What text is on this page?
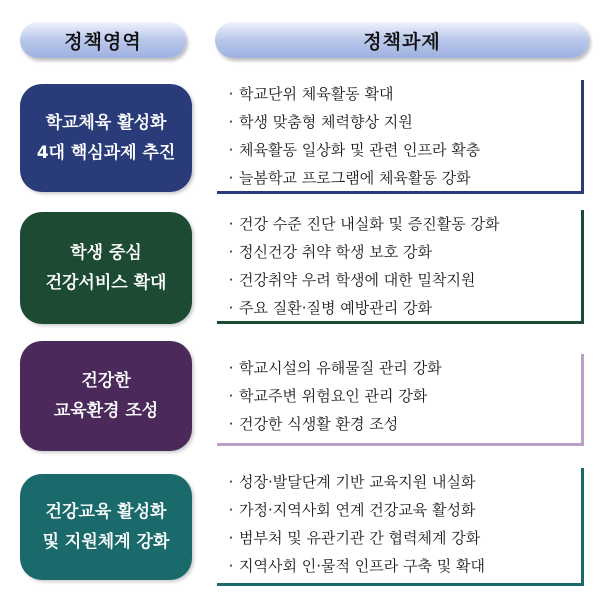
정책영역	정책과제
학교체육 활성화
4대 핵심과제 추진
· 학교단위 체육활동 확대
· 학생 맞춤형 체력향상 지원
· 체육활동 일상화 및 관련 인프라 확충
· 늘봄학교 프로그램에 체육활동 강화
학생 중심
건강서비스 확대
· 건강 수준 진단 내실화 및 증진활동 강화
· 정신건강 취약 학생 보호 강화
· 건강취약 우려 학생에 대한 밀착지원
· 주요 질환·질병 예방관리 강화
건강한
교육환경 조성
· 학교시설의 유해물질 관리 강화
· 학교주변 위험요인 관리 강화
· 건강한 식생활 환경 조성
건강교육 활성화
및 지원체계 강화
· 성장·발달단계 기반 교육지원 내실화
· 가정·지역사회 연계 건강교육 활성화
· 범부처 및 유관기관 간 협력체계 강화
· 지역사회 인·물적 인프라 구축 및 확대
